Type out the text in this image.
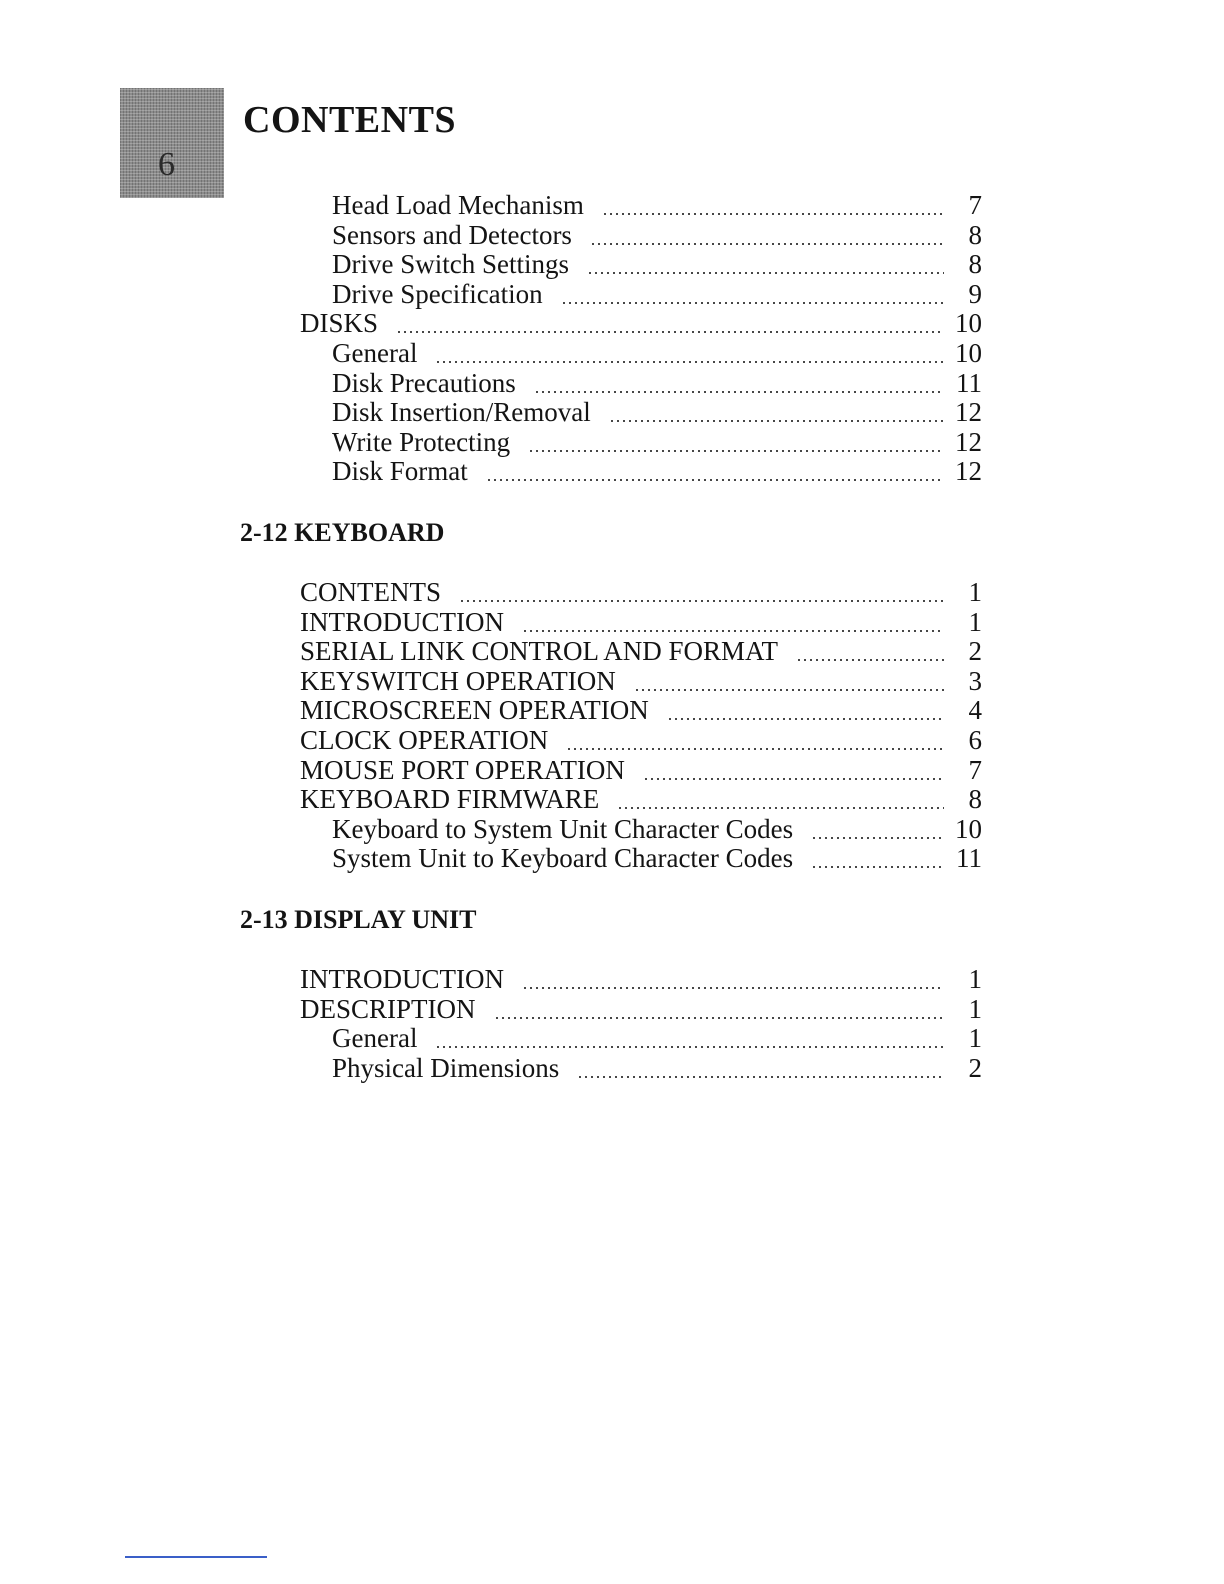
6
CONTENTS
Head Load Mechanism	7
Sensors and Detectors	8
Drive Switch Settings	8
Drive Specification	9
DISKS	10
General	10
Disk Precautions	11
Disk Insertion/Removal	12
Write Protecting	12
Disk Format	12
2-12 KEYBOARD
CONTENTS	1
INTRODUCTION	1
SERIAL LINK CONTROL AND FORMAT	2
KEYSWITCH OPERATION	3
MICROSCREEN OPERATION	4
CLOCK OPERATION	6
MOUSE PORT OPERATION	7
KEYBOARD FIRMWARE	8
Keyboard to System Unit Character Codes	10
System Unit to Keyboard Character Codes	11
2-13 DISPLAY UNIT
INTRODUCTION	1
DESCRIPTION	1
General	1
Physical Dimensions	2
